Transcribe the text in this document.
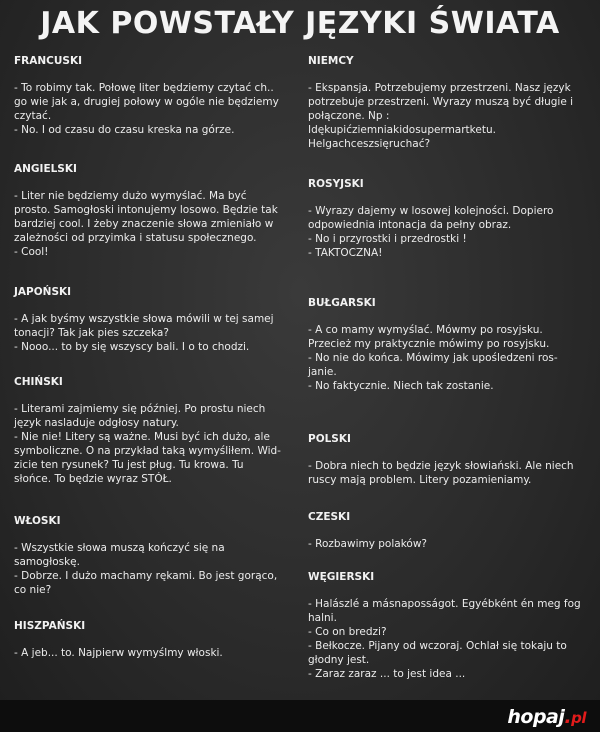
JAK POWSTAŁY JĘZYKI ŚWIATA
FRANCUSKI
- To robimy tak. Połowę liter będziemy czytać ch..
go wie jak a, drugiej połowy w ogóle nie będziemy
czytać.
- No. I od czasu do czasu kreska na górze.
ANGIELSKI
- Liter nie będziemy dużo wymyślać. Ma być
prosto. Samogłoski intonujemy losowo. Będzie tak
bardziej cool. I żeby znaczenie słowa zmieniało w
zależności od przyimka i statusu społecznego.
- Cool!
JAPOŃSKI
- A jak byśmy wszystkie słowa mówili w tej samej
tonacji? Tak jak pies szczeka?
- Nooo... to by się wszyscy bali. I o to chodzi.
CHIŃSKI
- Literami zajmiemy się później. Po prostu niech
język nasladuje odgłosy natury.
- Nie nie! Litery są ważne. Musi być ich dużo, ale
symboliczne. O na przykład taką wymyśliłem. Wid-
zicie ten rysunek? Tu jest pług. Tu krowa. Tu
słońce. To będzie wyraz STÓŁ.
WŁOSKI
- Wszystkie słowa muszą kończyć się na
samogłoskę.
- Dobrze. I dużo machamy rękami. Bo jest gorąco,
co nie?
HISZPAŃSKI
- A jeb... to. Najpierw wymyślmy włoski.
NIEMCY
- Ekspansja. Potrzebujemy przestrzeni. Nasz język
potrzebuje przestrzeni. Wyrazy muszą być długie i
połączone. Np :
Idękupićziemniakidosupermartketu.
Helgachceszsięruchać?
ROSYJSKI
- Wyrazy dajemy w losowej kolejności. Dopiero
odpowiednia intonacja da pełny obraz.
- No i przyrostki i przedrostki !
- TAKTOCZNA!
BUŁGARSKI
- A co mamy wymyślać. Mówmy po rosyjsku.
Przecież my praktycznie mówimy po rosyjsku.
- No nie do końca. Mówimy jak upośledzeni ros-
janie.
- No faktycznie. Niech tak zostanie.
POLSKI
- Dobra niech to będzie język słowiański. Ale niech
ruscy mają problem. Litery pozamieniamy.
CZESKI
- Rozbawimy polaków?
WĘGIERSKI
- Halászlé a másnaposságot. Egyébként én meg fog
halni.
- Co on bredzi?
- Bełkocze. Pijany od wczoraj. Ochlał się tokaju to
głodny jest.
- Zaraz zaraz ... to jest idea ...
hopaj.pl
